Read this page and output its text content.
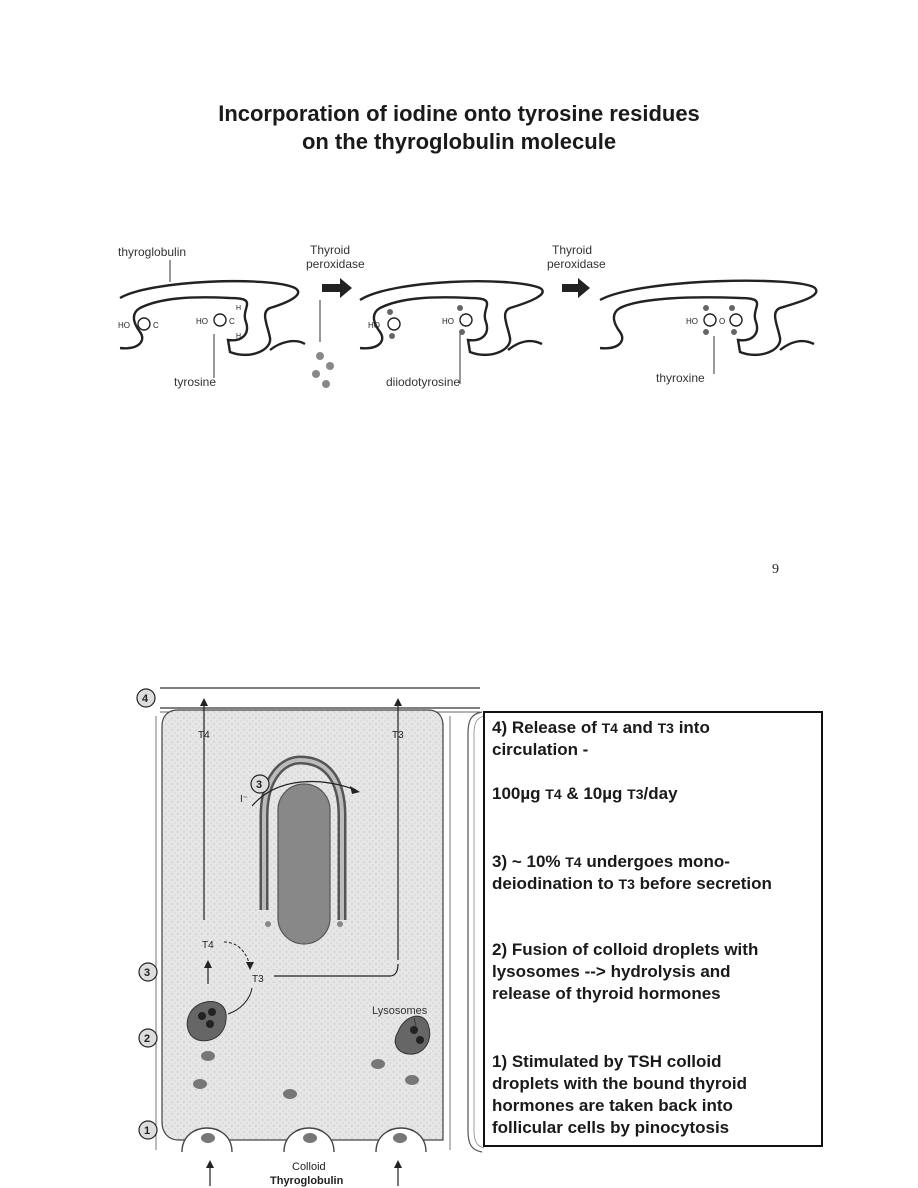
Incorporation of iodine onto tyrosine residues
on the thyroglobulin molecule
thyroglobulin	Thyroid
peroxidase
Thyroid
peroxidase
HO	C	HO	C
H
H
tyrosine
HO	HO
diiodotyrosine
HO	O
thyroxine
9
4
T4	T3
3
I⁻
T4
T3
3
2
1
Lysosomes
Colloid
Thyroglobulin
4) Release of T4 and T3 into
circulation -
100µg T4 & 10µg T3/day
3) ~ 10% T4 undergoes mono-
deiodination to T3 before secretion
2) Fusion of colloid droplets with
lysosomes --> hydrolysis and
release of thyroid hormones
1) Stimulated by TSH colloid
droplets with the bound thyroid
hormones are taken back into
follicular cells by pinocytosis
